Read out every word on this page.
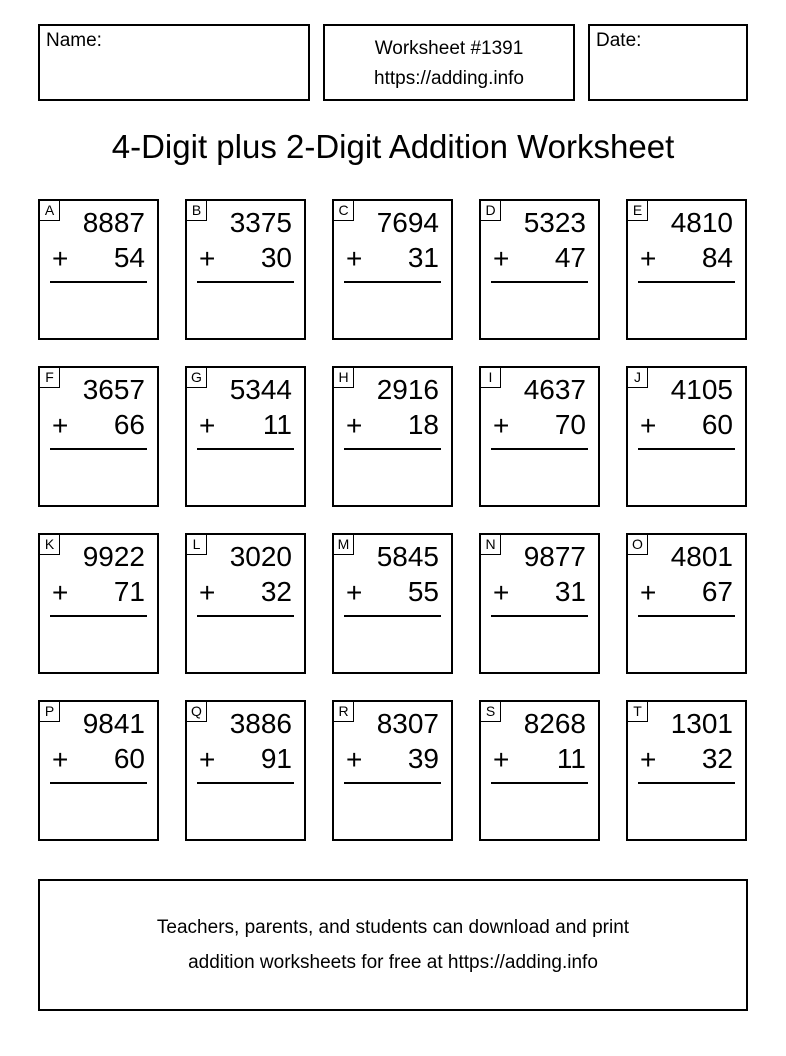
Name:	Worksheet #1391
https://adding.info
Date:
4-Digit plus 2-Digit Addition Worksheet
A 8887
+ 54
B 3375
+ 30
C 7694
+ 31
D 5323
+ 47
E 4810
+ 84
F 3657
+ 66
G 5344
+ 11
H 2916
+ 18
I	4637
+ 70
J 4105
+ 60
K 9922
+ 71
L 3020
+ 32
M 5845
+ 55
N 9877
+ 31
O 4801
+ 67
P 9841
+ 60
Q 3886
+ 91
R 8307
+ 39
S 8268
+ 11
T 1301
+ 32
Teachers, parents, and students can download and print
addition worksheets for free at https://adding.info
